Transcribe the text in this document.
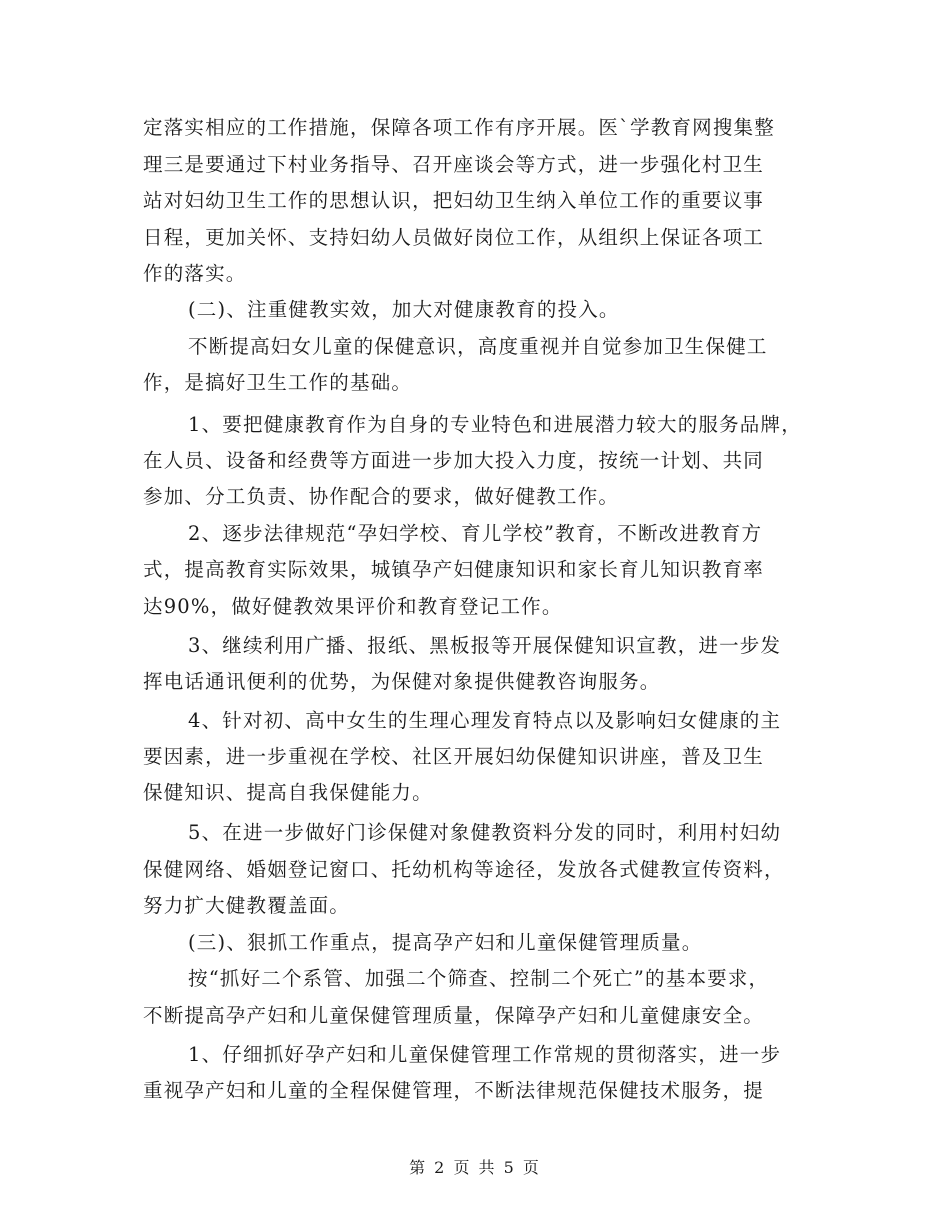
定落实相应的工作措施，保障各项工作有序开展。医`学教育网搜集整
理三是要通过下村业务指导、召开座谈会等方式，进一步强化村卫生
站对妇幼卫生工作的思想认识，把妇幼卫生纳入单位工作的重要议事
日程，更加关怀、支持妇幼人员做好岗位工作，从组织上保证各项工
作的落实。
(二)、注重健教实效，加大对健康教育的投入。
不断提高妇女儿童的保健意识，高度重视并自觉参加卫生保健工
作，是搞好卫生工作的基础。
1、要把健康教育作为自身的专业特色和进展潜力较大的服务品牌，
在人员、设备和经费等方面进一步加大投入力度，按统一计划、共同
参加、分工负责、协作配合的要求，做好健教工作。
2、逐步法律规范“孕妇学校、育儿学校”教育，不断改进教育方
式，提高教育实际效果，城镇孕产妇健康知识和家长育儿知识教育率
达90%，做好健教效果评价和教育登记工作。
3、继续利用广播、报纸、黑板报等开展保健知识宣教，进一步发
挥电话通讯便利的优势，为保健对象提供健教咨询服务。
4、针对初、高中女生的生理心理发育特点以及影响妇女健康的主
要因素，进一步重视在学校、社区开展妇幼保健知识讲座，普及卫生
保健知识、提高自我保健能力。
5、在进一步做好门诊保健对象健教资料分发的同时，利用村妇幼
保健网络、婚姻登记窗口、托幼机构等途径，发放各式健教宣传资料，
努力扩大健教覆盖面。
(三)、狠抓工作重点，提高孕产妇和儿童保健管理质量。
按“抓好二个系管、加强二个筛查、控制二个死亡”的基本要求，
不断提高孕产妇和儿童保健管理质量，保障孕产妇和儿童健康安全。
1、仔细抓好孕产妇和儿童保健管理工作常规的贯彻落实，进一步
重视孕产妇和儿童的全程保健管理，不断法律规范保健技术服务，提
第 2 页 共 5 页
